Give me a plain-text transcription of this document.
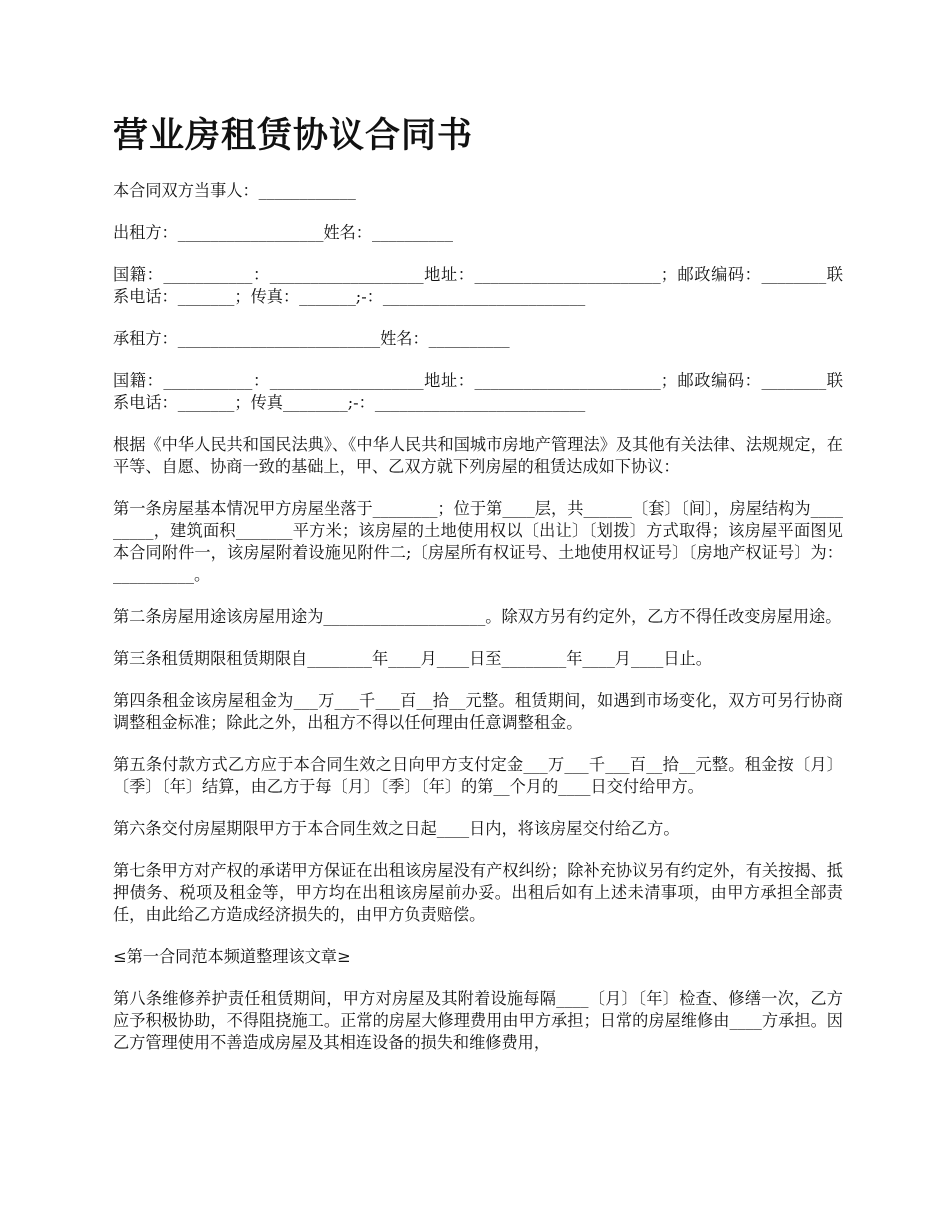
营业房租赁协议合同书

本合同双方当事人：____________

出租方：__________________姓名：__________

国籍：___________：___________________地址：_______________________；邮政编码：________联系电话：_______；传真：_______;-：_________________________

承租方：_________________________姓名：__________

国籍：___________：___________________地址：_______________________；邮政编码：________联系电话：_______；传真________;-：__________________________

根据《中华人民共和国民法典》、《中华人民共和国城市房地产管理法》及其他有关法律、法规规定，在平等、自愿、协商一致的基础上，甲、乙双方就下列房屋的租赁达成如下协议：

第一条房屋基本情况甲方房屋坐落于________；位于第____层，共______〔套〕〔间〕，房屋结构为_________，建筑面积_______平方米；该房屋的土地使用权以〔出让〕〔划拨〕方式取得；该房屋平面图见本合同附件一，该房屋附着设施见附件二;〔房屋所有权证号、土地使用权证号〕〔房地产权证号〕为：__________。

第二条房屋用途该房屋用途为____________________。除双方另有约定外，乙方不得任改变房屋用途。

第三条租赁期限租赁期限自________年____月____日至________年____月____日止。

第四条租金该房屋租金为___万___千___百__拾__元整。租赁期间，如遇到市场变化，双方可另行协商调整租金标准；除此之外，出租方不得以任何理由任意调整租金。

第五条付款方式乙方应于本合同生效之日向甲方支付定金___万___千___百__拾__元整。租金按〔月〕〔季〕〔年〕结算，由乙方于每〔月〕〔季〕〔年〕的第__个月的____日交付给甲方。

第六条交付房屋期限甲方于本合同生效之日起____日内，将该房屋交付给乙方。

第七条甲方对产权的承诺甲方保证在出租该房屋没有产权纠纷；除补充协议另有约定外，有关按揭、抵押债务、税项及租金等，甲方均在出租该房屋前办妥。出租后如有上述未清事项，由甲方承担全部责任，由此给乙方造成经济损失的，由甲方负责赔偿。

≤第一合同范本频道整理该文章≥

第八条维修养护责任租赁期间，甲方对房屋及其附着设施每隔____〔月〕〔年〕检查、修缮一次，乙方应予积极协助，不得阻挠施工。正常的房屋大修理费用由甲方承担；日常的房屋维修由____方承担。因乙方管理使用不善造成房屋及其相连设备的损失和维修费用，
